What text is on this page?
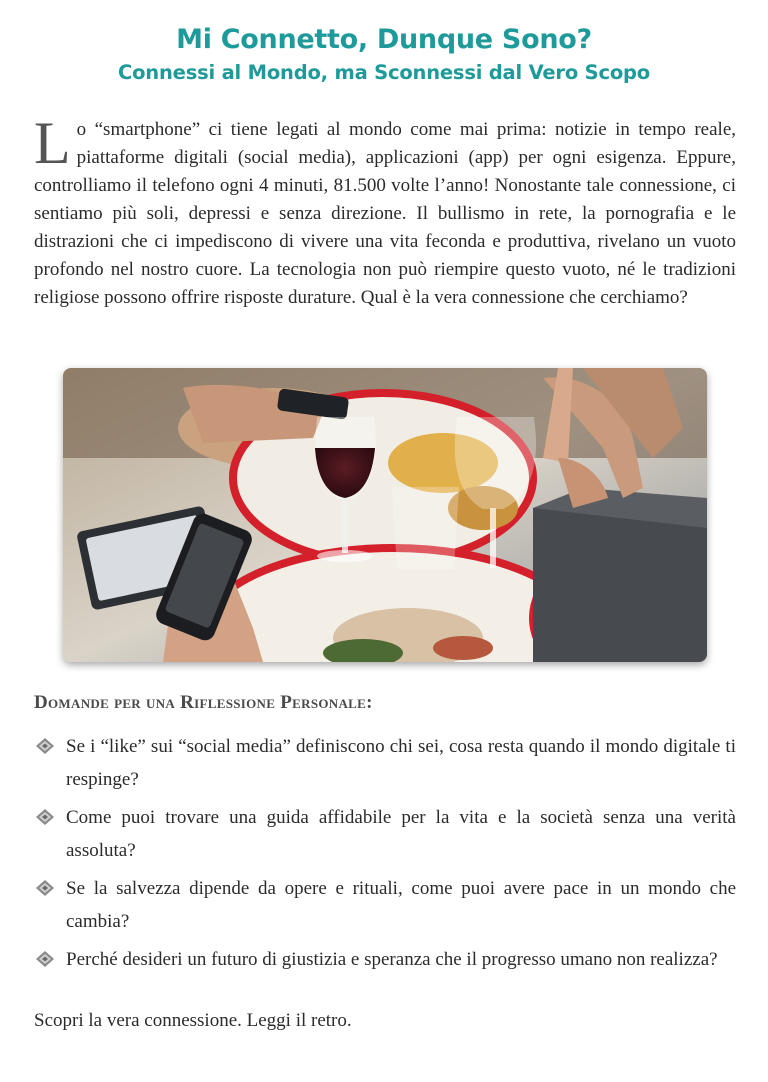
Mi Connetto, Dunque Sono?
Connessi al Mondo, ma Sconnessi dal Vero Scopo

Lo “smartphone” ci tiene legati al mondo come mai prima: notizie in tempo reale, piattaforme digitali (social media), applicazioni (app) per ogni esigenza. Eppure, controlliamo il telefono ogni 4 minuti, 81.500 volte l’anno! Nonostante tale connessione, ci sentiamo più soli, depressi e senza direzione. Il bullismo in rete, la pornografia e le distrazioni che ci impediscono di vivere una vita feconda e produttiva, rivelano un vuoto profondo nel nostro cuore. La tecnologia non può riempire questo vuoto, né le tradizioni religiose possono offrire risposte durature. Qual è la vera connessione che cerchiamo?

Domande per una Riflessione Personale:
Se i “like” sui “social media” definiscono chi sei, cosa resta quando il mondo digitale ti respinge?
Come puoi trovare una guida affidabile per la vita e la società senza una verità assoluta?
Se la salvezza dipende da opere e rituali, come puoi avere pace in un mondo che cambia?
Perché desideri un futuro di giustizia e speranza che il progresso umano non realizza?

Scopri la vera connessione. Leggi il retro.
